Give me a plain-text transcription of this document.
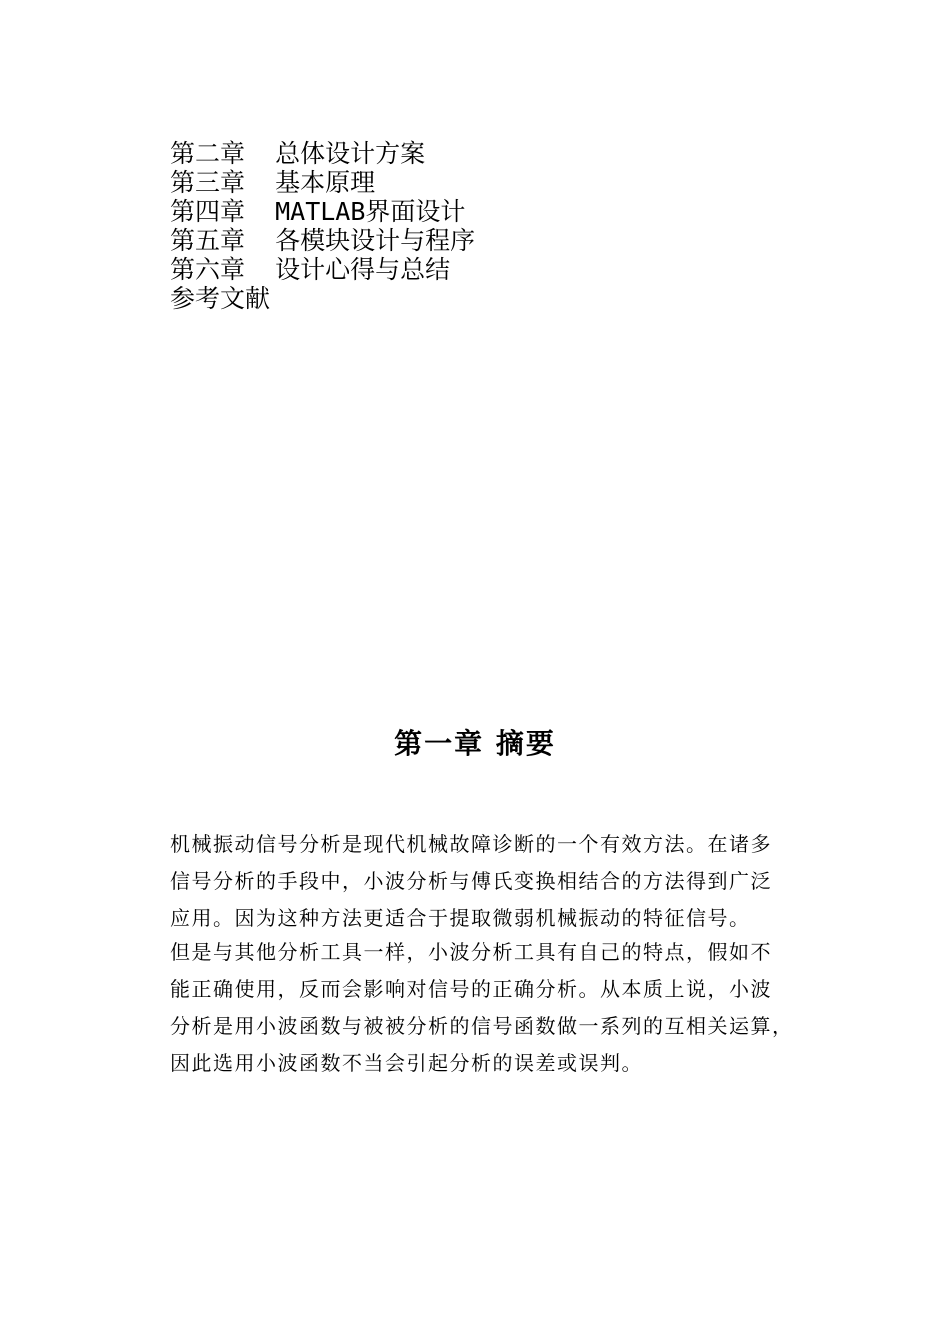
第二章  总体设计方案
第三章  基本原理
第四章  MATLAB界面设计
第五章  各模块设计与程序
第六章  设计心得与总结
参考文献
第一章 摘要
机械振动信号分析是现代机械故障诊断的一个有效方法。在诸多
信号分析的手段中，小波分析与傅氏变换相结合的方法得到广泛
应用。因为这种方法更适合于提取微弱机械振动的特征信号。
但是与其他分析工具一样，小波分析工具有自己的特点，假如不
能正确使用，反而会影响对信号的正确分析。从本质上说，小波
分析是用小波函数与被被分析的信号函数做一系列的互相关运算，
因此选用小波函数不当会引起分析的误差或误判。
